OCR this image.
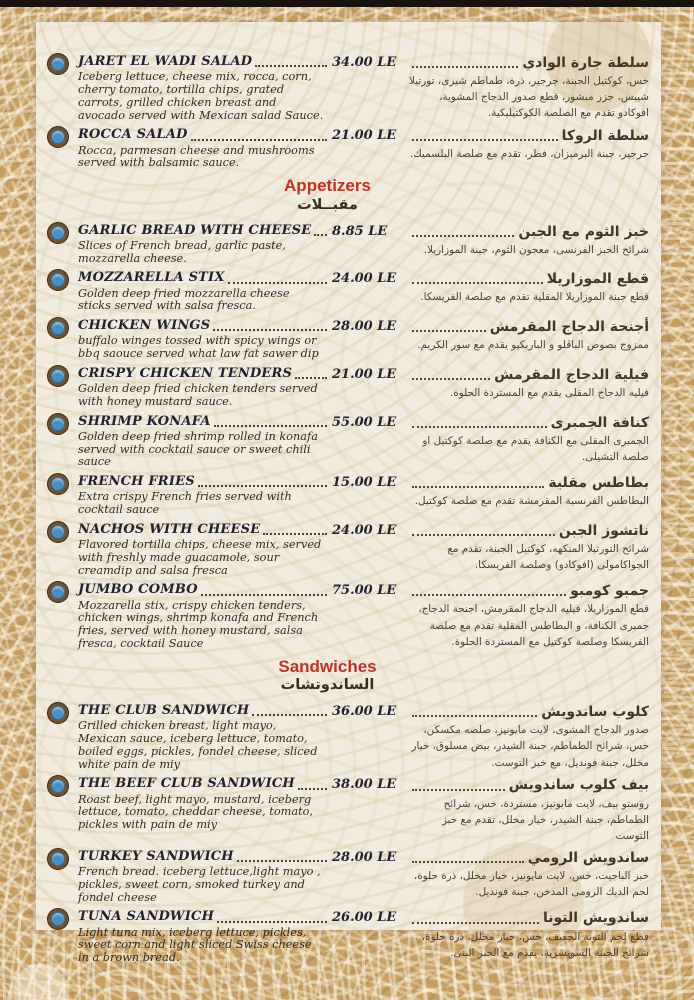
JARET EL WADI SALAD
Iceberg lettuce, cheese mix, rocca, corn, cherry tomato, tortilla chips, grated carrots, grilled chicken breast and avocado served with Mexican salad Sauce.
34.00 LE	سلطة جارة الوادي
خس، كوكتيل الجبنة، جرجير، ذرة، طماطم شيرى، تورتيلا شيبس، جزر مبشور، قطع صدور الدجاج المشوية، افوكادو تقدم مع الصلصة الكوكتيليكية.
ROCCA SALAD
Rocca, parmesan cheese and mushrooms served with balsamic sauce.
21.00 LE	سلطة الروكا
جرجير، جبنة البرميزان، فطر، تقدم مع صلصة البلسميك.
Appetizers
مقبــلات
GARLIC BREAD WITH CHEESE
Slices of French bread, garlic paste, mozzarella cheese.
8.85 LE	خبز الثوم مع الجبن
شرائح الخبز الفرنسى، معجون الثوم، جبنة الموزاريلا.
MOZZARELLA STIX
Golden deep fried mozzarella cheese sticks served with salsa fresca.
24.00 LE	قطع الموزاريلا
قطع جبنة الموزاريلا المقلية تقدم مع صلصة الفريسكا.
CHICKEN WINGS
buffalo winges tossed with spicy wings or bbq saouce served what law fat sawer dip
28.00 LE	أجنحة الدجاج المقرمش
ممزوج بصوص الباڤلو و الباربكيو يقدم مع سور الكريم.
CRISPY CHICKEN TENDERS
Golden deep fried chicken tenders served with honey mustard sauce.
21.00 LE	فيلية الدجاج المقرمش
فيليه الدجاج المقلى يقدم مع المستردة الحلوة.
SHRIMP KONAFA
Golden deep fried shrimp rolled in konafa served with cocktail sauce or sweet chili sauce
55.00 LE	كنافة الجمبرى
الجمبرى المقلى مع الكنافة يقدم مع صلصة كوكتيل او صلصة التشيلى.
FRENCH FRIES
Extra crispy French fries served with cocktail sauce
15.00 LE	بطاطس مقلية
البطاطس الفرنسية المقرمشة تقدم مع صلصة كوكتيل.
NACHOS WITH CHEESE
Flavored tortilla chips, cheese mix, served with freshly made guacamole, sour creamdip and salsa fresca
24.00 LE	ناتشوز الجبن
شرائح التورتيلا المنكهه، كوكتيل الجبنة، تقدم مع الجواكامولى (افوكادو) وصلصة الفريسكا.
JUMBO COMBO
Mozzarella stix, crispy chicken tenders, chicken wings, shrimp konafa and French fries, served with honey mustard, salsa fresca, cocktail Sauce
75.00 LE	جمبو كومبو
قطع الموزاريلا، فيليه الدجاج المقرمش، اجنحة الدجاج، جمبرى الكنافة، و البطاطس المقلية تقدم مع صلصة الفريسكا وصلصة كوكتيل مع المستردة الحلوة.
Sandwiches
الساندوتشات
THE CLUB SANDWICH
Grilled chicken breast, light mayo, Mexican sauce, iceberg lettuce, tomato, boiled eggs, pickles, fondel cheese, sliced white pain de miy
36.00 LE	كلوب ساندويش
صدور الدجاج المشوى، لايت مايونيز، صلصه مكسكن، خس، شرائح الطماطم، جبنة الشيدر، بيض مسلوق، خيار مخلل، جبنة فونديل، مع خبز التوست.
THE BEEF CLUB SANDWICH
Roast beef, light mayo, mustard, iceberg lettuce, tomato, cheddar cheese, tomato, pickles with pain de miy
38.00 LE	بيف كلوب ساندويش
روستو بيف، لايت مايونيز، مستردة، خس، شرائح الطماطم، جبنة الشيدر، خيار مخلل، تقدم مع خبز التوست
TURKEY SANDWICH
French bread. iceberg lettuce,light mayo , pickles, sweet corn, smoked turkey and fondel cheese
28.00 LE	ساندويش الرومي
خبز الباجيت، خس، لايت مايونيز، خيار مخلل، ذرة حلوة، لحم الديك الرومى المدخن، جبنة فونديل.
TUNA SANDWICH
Light tuna mix, iceberg lettuce, pickles, sweet corn and light sliced Swiss cheese in a brown bread.
26.00 LE	ساندويش التونا
قطع لحم التونة الخفيف، خس، خيار مخلل، ذرة حلوة، شرائح الجبنة السويسرية، يقدم مع الخبز البنى.
